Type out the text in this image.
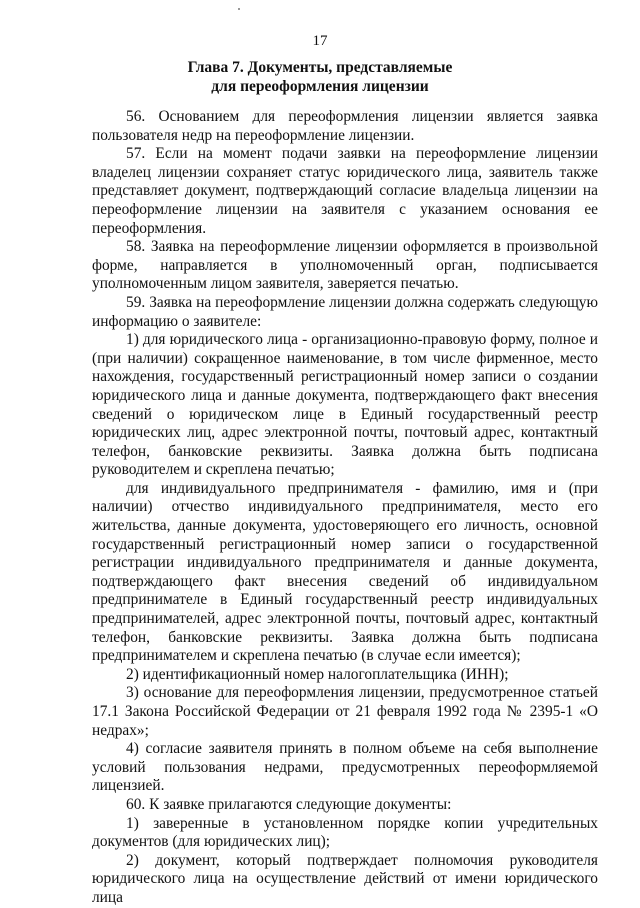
17
Глава 7. Документы, представляемые
для переоформления лицензии

56. Основанием для переоформления лицензии является заявка пользователя недр на переоформление лицензии.

57. Если на момент подачи заявки на переоформление лицензии владелец лицензии сохраняет статус юридического лица, заявитель также представляет документ, подтверждающий согласие владельца лицензии на переоформление лицензии на заявителя с указанием основания ее переоформления.

58. Заявка на переоформление лицензии оформляется в произвольной форме, направляется в уполномоченный орган, подписывается уполномоченным лицом заявителя, заверяется печатью.

59. Заявка на переоформление лицензии должна содержать следующую информацию о заявителе:

1) для юридического лица - организационно-правовую форму, полное и (при наличии) сокращенное наименование, в том числе фирменное, место нахождения, государственный регистрационный номер записи о создании юридического лица и данные документа, подтверждающего факт внесения сведений о юридическом лице в Единый государственный реестр юридических лиц, адрес электронной почты, почтовый адрес, контактный телефон, банковские реквизиты. Заявка должна быть подписана руководителем и скреплена печатью;

для индивидуального предпринимателя - фамилию, имя и (при наличии) отчество индивидуального предпринимателя, место его жительства, данные документа, удостоверяющего его личность, основной государственный регистрационный номер записи о государственной регистрации индивидуального предпринимателя и данные документа, подтверждающего факт внесения сведений об индивидуальном предпринимателе в Единый государственный реестр индивидуальных предпринимателей, адрес электронной почты, почтовый адрес, контактный телефон, банковские реквизиты. Заявка должна быть подписана предпринимателем и скреплена печатью (в случае если имеется);

2) идентификационный номер налогоплательщика (ИНН);

3) основание для переоформления лицензии, предусмотренное статьей 17.1 Закона Российской Федерации от 21 февраля 1992 года № 2395-1 «О недрах»;

4) согласие заявителя принять в полном объеме на себя выполнение условий пользования недрами, предусмотренных переоформляемой лицензией.

60. К заявке прилагаются следующие документы:

1) заверенные в установленном порядке копии учредительных документов (для юридических лиц);

2) документ, который подтверждает полномочия руководителя юридического лица на осуществление действий от имени юридического лица
